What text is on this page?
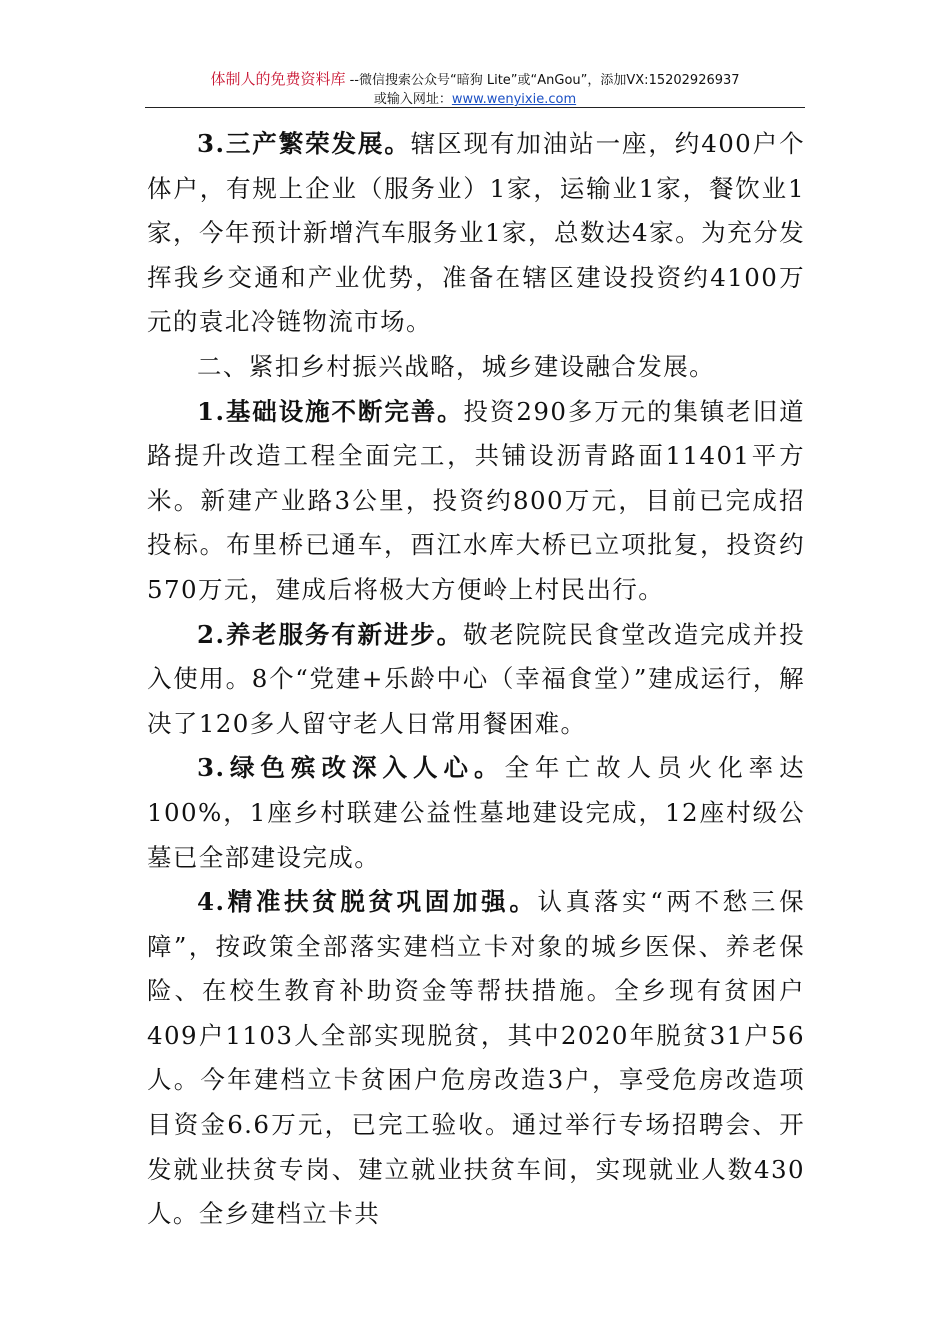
体制人的免费资料库 --微信搜索公众号“暗狗 Lite”或“AnGou”，添加VX:15202926937
或输入网址：www.wenyixie.com

3.三产繁荣发展。辖区现有加油站一座，约400户个体户，有规上企业（服务业）1家，运输业1家，餐饮业1家，今年预计新增汽车服务业1家，总数达4家。为充分发挥我乡交通和产业优势，准备在辖区建设投资约4100万元的袁北冷链物流市场。

二、紧扣乡村振兴战略，城乡建设融合发展。

1.基础设施不断完善。投资290多万元的集镇老旧道路提升改造工程全面完工，共铺设沥青路面11401平方米。新建产业路3公里，投资约800万元，目前已完成招投标。布里桥已通车，酉江水库大桥已立项批复，投资约570万元，建成后将极大方便岭上村民出行。

2.养老服务有新进步。敬老院院民食堂改造完成并投入使用。8个“党建+乐龄中心（幸福食堂）”建成运行，解决了120多人留守老人日常用餐困难。

3.绿色殡改深入人心。全年亡故人员火化率达100%，1座乡村联建公益性墓地建设完成，12座村级公墓已全部建设完成。

4.精准扶贫脱贫巩固加强。认真落实“两不愁三保障”，按政策全部落实建档立卡对象的城乡医保、养老保险、在校生教育补助资金等帮扶措施。全乡现有贫困户409户1103人全部实现脱贫，其中2020年脱贫31户56人。今年建档立卡贫困户危房改造3户，享受危房改造项目资金6.6万元，已完工验收。通过举行专场招聘会、开发就业扶贫专岗、建立就业扶贫车间，实现就业人数430人。全乡建档立卡共
